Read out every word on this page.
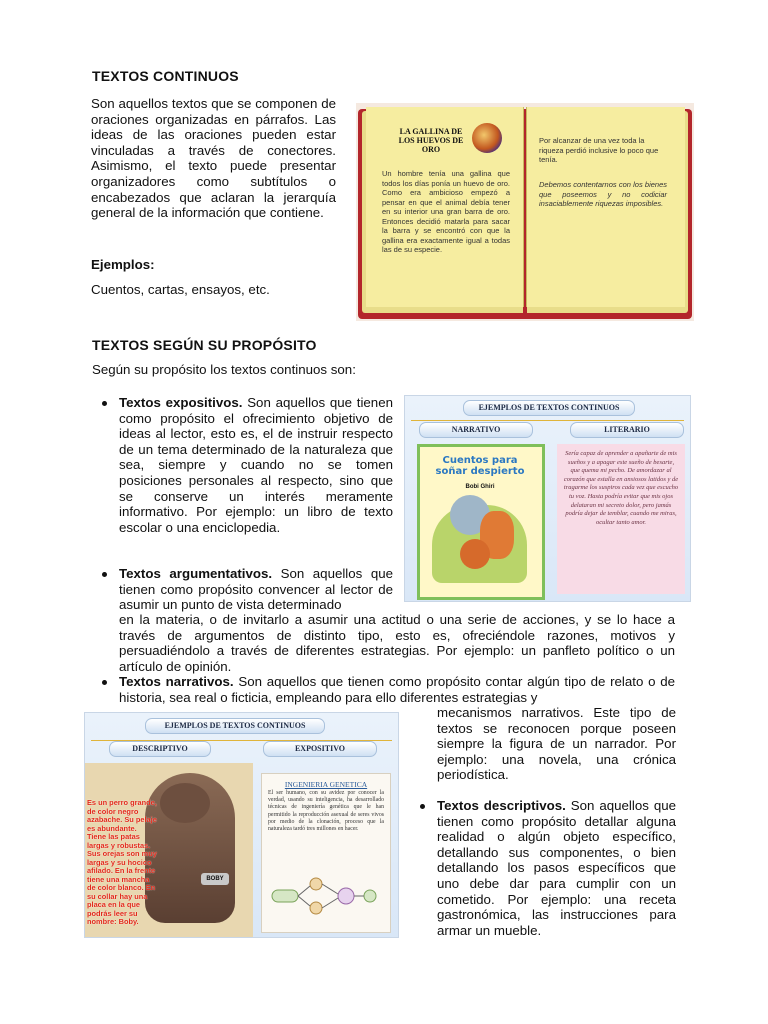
TEXTOS CONTINUOS

Son aquellos textos que se componen de oraciones organizadas en párrafos. Las ideas de las oraciones pueden estar vinculadas a través de conectores. Asimismo, el texto puede presentar organizadores como subtítulos o encabezados que aclaran la jerarquía general de la información que contiene.

Ejemplos:
Cuentos, cartas, ensayos, etc.
LA GALLINA DE LOS HUEVOS DE ORO
Un hombre tenía una gallina que todos los días ponía un huevo de oro. Como era ambicioso empezó a pensar en que el animal debía tener en su interior una gran barra de oro. Entonces decidió matarla para sacar la barra y se encontró con que la gallina era exactamente igual a todas las de su especie.
Por alcanzar de una vez toda la riqueza perdió inclusive lo poco que tenía.
Debemos contentarnos con los bienes que poseemos y no codiciar insaciablemente riquezas imposibles.
TEXTOS SEGÚN SU PROPÓSITO
Según su propósito los textos continuos son:
Textos expositivos. Son aquellos que tienen como propósito el ofrecimiento objetivo de ideas al lector, esto es, el de instruir respecto de un tema determinado de la naturaleza que sea, siempre y cuando no se tomen posiciones personales al respecto, sino que se conserve un interés meramente informativo. Por ejemplo: un libro de texto escolar o una enciclopedia.
Textos argumentativos. Son aquellos que tienen como propósito convencer al lector de asumir un punto de vista determinado
en la materia, o de invitarlo a asumir una actitud o una serie de acciones, y se lo hace a través de argumentos de distinto tipo, esto es, ofreciéndole razones, motivos y persuadiéndolo a través de diferentes estrategias. Por ejemplo: un panfleto político o un artículo de opinión.
Textos narrativos. Son aquellos que tienen como propósito contar algún tipo de relato o de historia, sea real o ficticia, empleando para ello diferentes estrategias y
mecanismos narrativos. Este tipo de textos se reconocen porque poseen siempre la figura de un narrador. Por ejemplo: una novela, una crónica periodística.
Textos descriptivos. Son aquellos que tienen como propósito detallar alguna realidad o algún objeto específico, detallando sus componentes, o bien detallando los pasos específicos que uno debe dar para cumplir con un cometido. Por ejemplo: una receta gastronómica, las instrucciones para armar un mueble.
EJEMPLOS DE TEXTOS CONTINUOS
NARRATIVO	LITERARIO
Cuentos para soñar despierto
Bobi Ghiri
Sería capaz de aprender a apañarte de mis sueños y a apagar este sueño de besarte, que quema mi pecho. De amordazar al corazón que estalla en ansiosos latidos y de tragarme los suspiros cada vez que escucho tu voz. Hasta podría evitar que mis ojos delataran mi secreto dolor, pero jamás podría dejar de temblar, cuando me miras, ocultar tanto amor.
EJEMPLOS DE TEXTOS CONTINUOS
DESCRIPTIVO	EXPOSITIVO
BOBY
Es un perro grande, de color negro azabache. Su pelaje es abundante. Tiene las patas largas y robustas. Sus orejas son muy largas y su hocico afilado. En la frente tiene una mancha de color blanco. En su collar hay una placa en la que podrás leer su nombre: Boby.
INGENIERIA GENETICA
El ser humano, con su avidez por conocer la verdad, usando su inteligencia, ha desarrollado técnicas de ingeniería genética que le han permitido la reproducción asexual de seres vivos por medio de la clonación, proceso que la naturaleza tardó tres millones en hacer.
